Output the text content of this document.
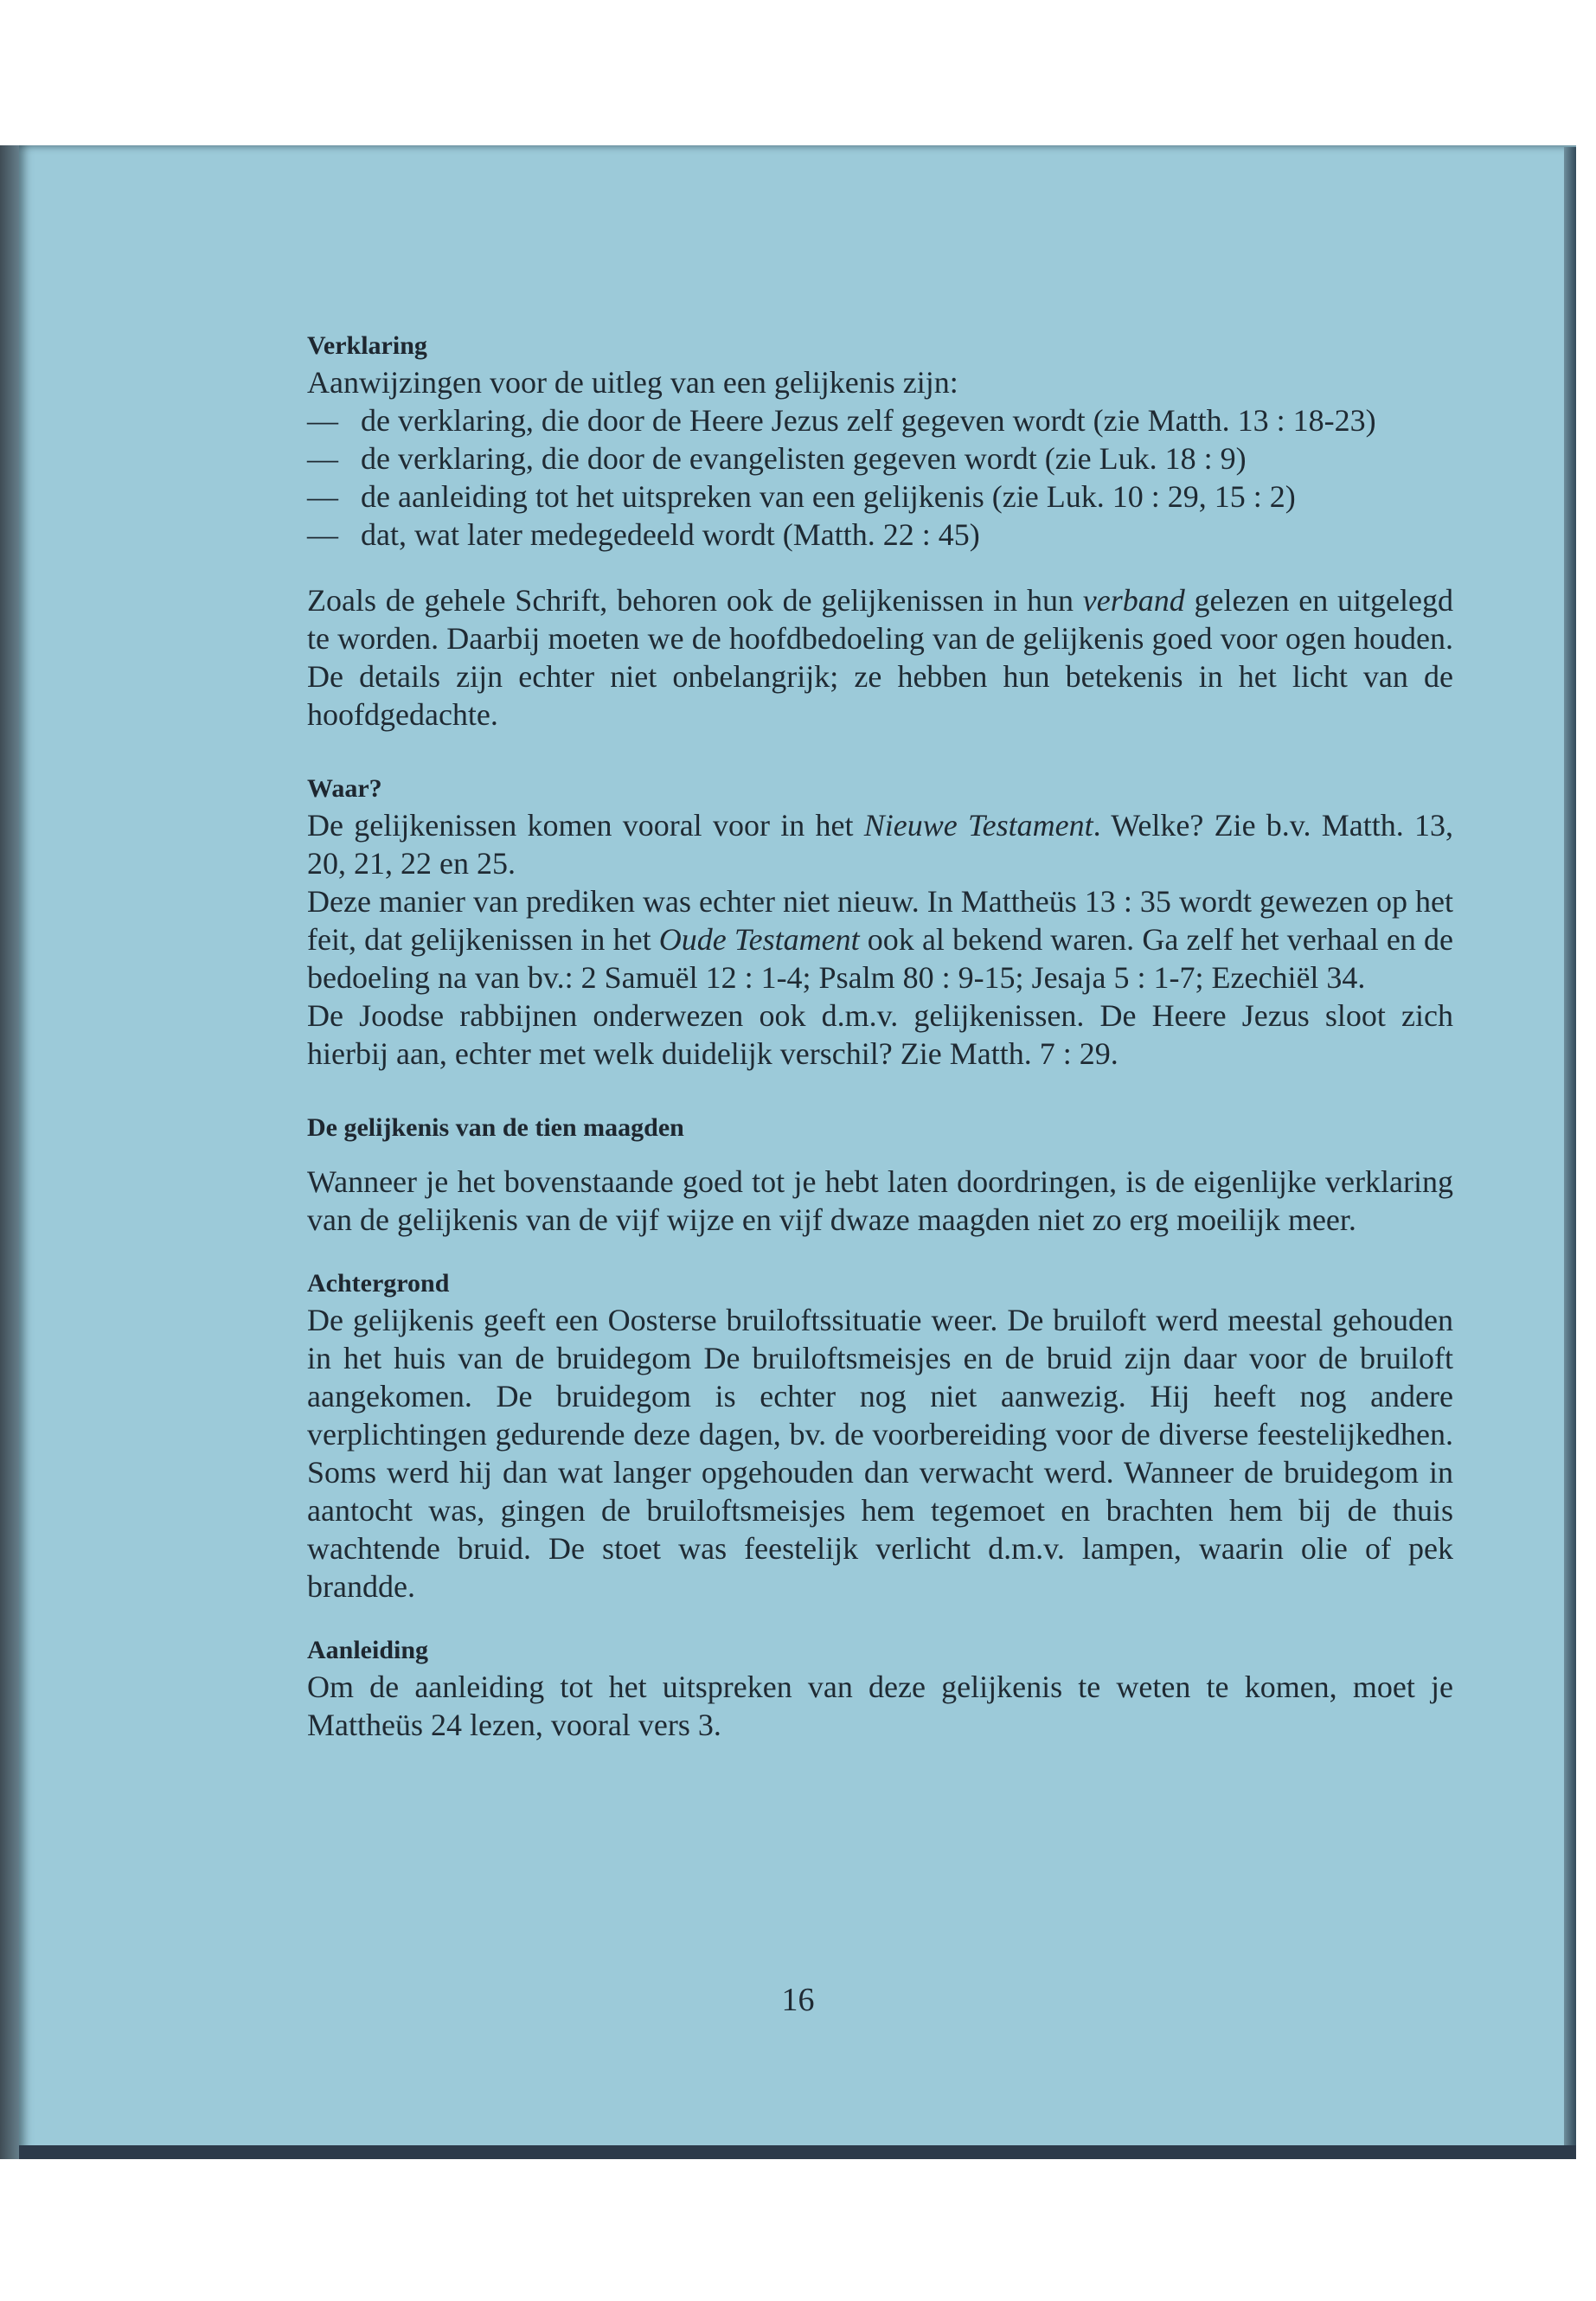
Verklaring

Aanwijzingen voor de uitleg van een gelijkenis zijn:

— de verklaring, die door de Heere Jezus zelf gegeven wordt (zie Matth. 13 : 18-23)
— de verklaring, die door de evangelisten gegeven wordt (zie Luk. 18 : 9)
— de aanleiding tot het uitspreken van een gelijkenis (zie Luk. 10 : 29, 15 : 2)
— dat, wat later medegedeeld wordt (Matth. 22 : 45)

Zoals de gehele Schrift, behoren ook de gelijkenissen in hun verband gelezen en uitgelegd te worden. Daarbij moeten we de hoofdbedoeling van de gelijkenis goed voor ogen houden. De details zijn echter niet onbelangrijk; ze hebben hun betekenis in het licht van de hoofdgedachte.

Waar?

De gelijkenissen komen vooral voor in het Nieuwe Testament. Welke? Zie b.v. Matth. 13, 20, 21, 22 en 25.

Deze manier van prediken was echter niet nieuw. In Mattheüs 13 : 35 wordt gewezen op het feit, dat gelijkenissen in het Oude Testament ook al bekend waren. Ga zelf het verhaal en de bedoeling na van bv.: 2 Samuël 12 : 1-4; Psalm 80 : 9-15; Jesaja 5 : 1-7; Ezechiël 34.

De Joodse rabbijnen onderwezen ook d.m.v. gelijkenissen. De Heere Jezus sloot zich hierbij aan, echter met welk duidelijk verschil? Zie Matth. 7 : 29.

De gelijkenis van de tien maagden

Wanneer je het bovenstaande goed tot je hebt laten doordringen, is de eigenlijke verklaring van de gelijkenis van de vijf wijze en vijf dwaze maagden niet zo erg moeilijk meer.

Achtergrond

De gelijkenis geeft een Oosterse bruiloftssituatie weer. De bruiloft werd meestal gehouden in het huis van de bruidegom De bruiloftsmeisjes en de bruid zijn daar voor de bruiloft aangekomen. De bruidegom is echter nog niet aanwezig. Hij heeft nog andere verplichtingen gedurende deze dagen, bv. de voorbereiding voor de diverse feestelijkedhen. Soms werd hij dan wat langer opgehouden dan verwacht werd. Wanneer de bruidegom in aantocht was, gingen de bruiloftsmeisjes hem tegemoet en brachten hem bij de thuis wachtende bruid. De stoet was feestelijk verlicht d.m.v. lampen, waarin olie of pek brandde.

Aanleiding

Om de aanleiding tot het uitspreken van deze gelijkenis te weten te komen, moet je Mattheüs 24 lezen, vooral vers 3.

16
